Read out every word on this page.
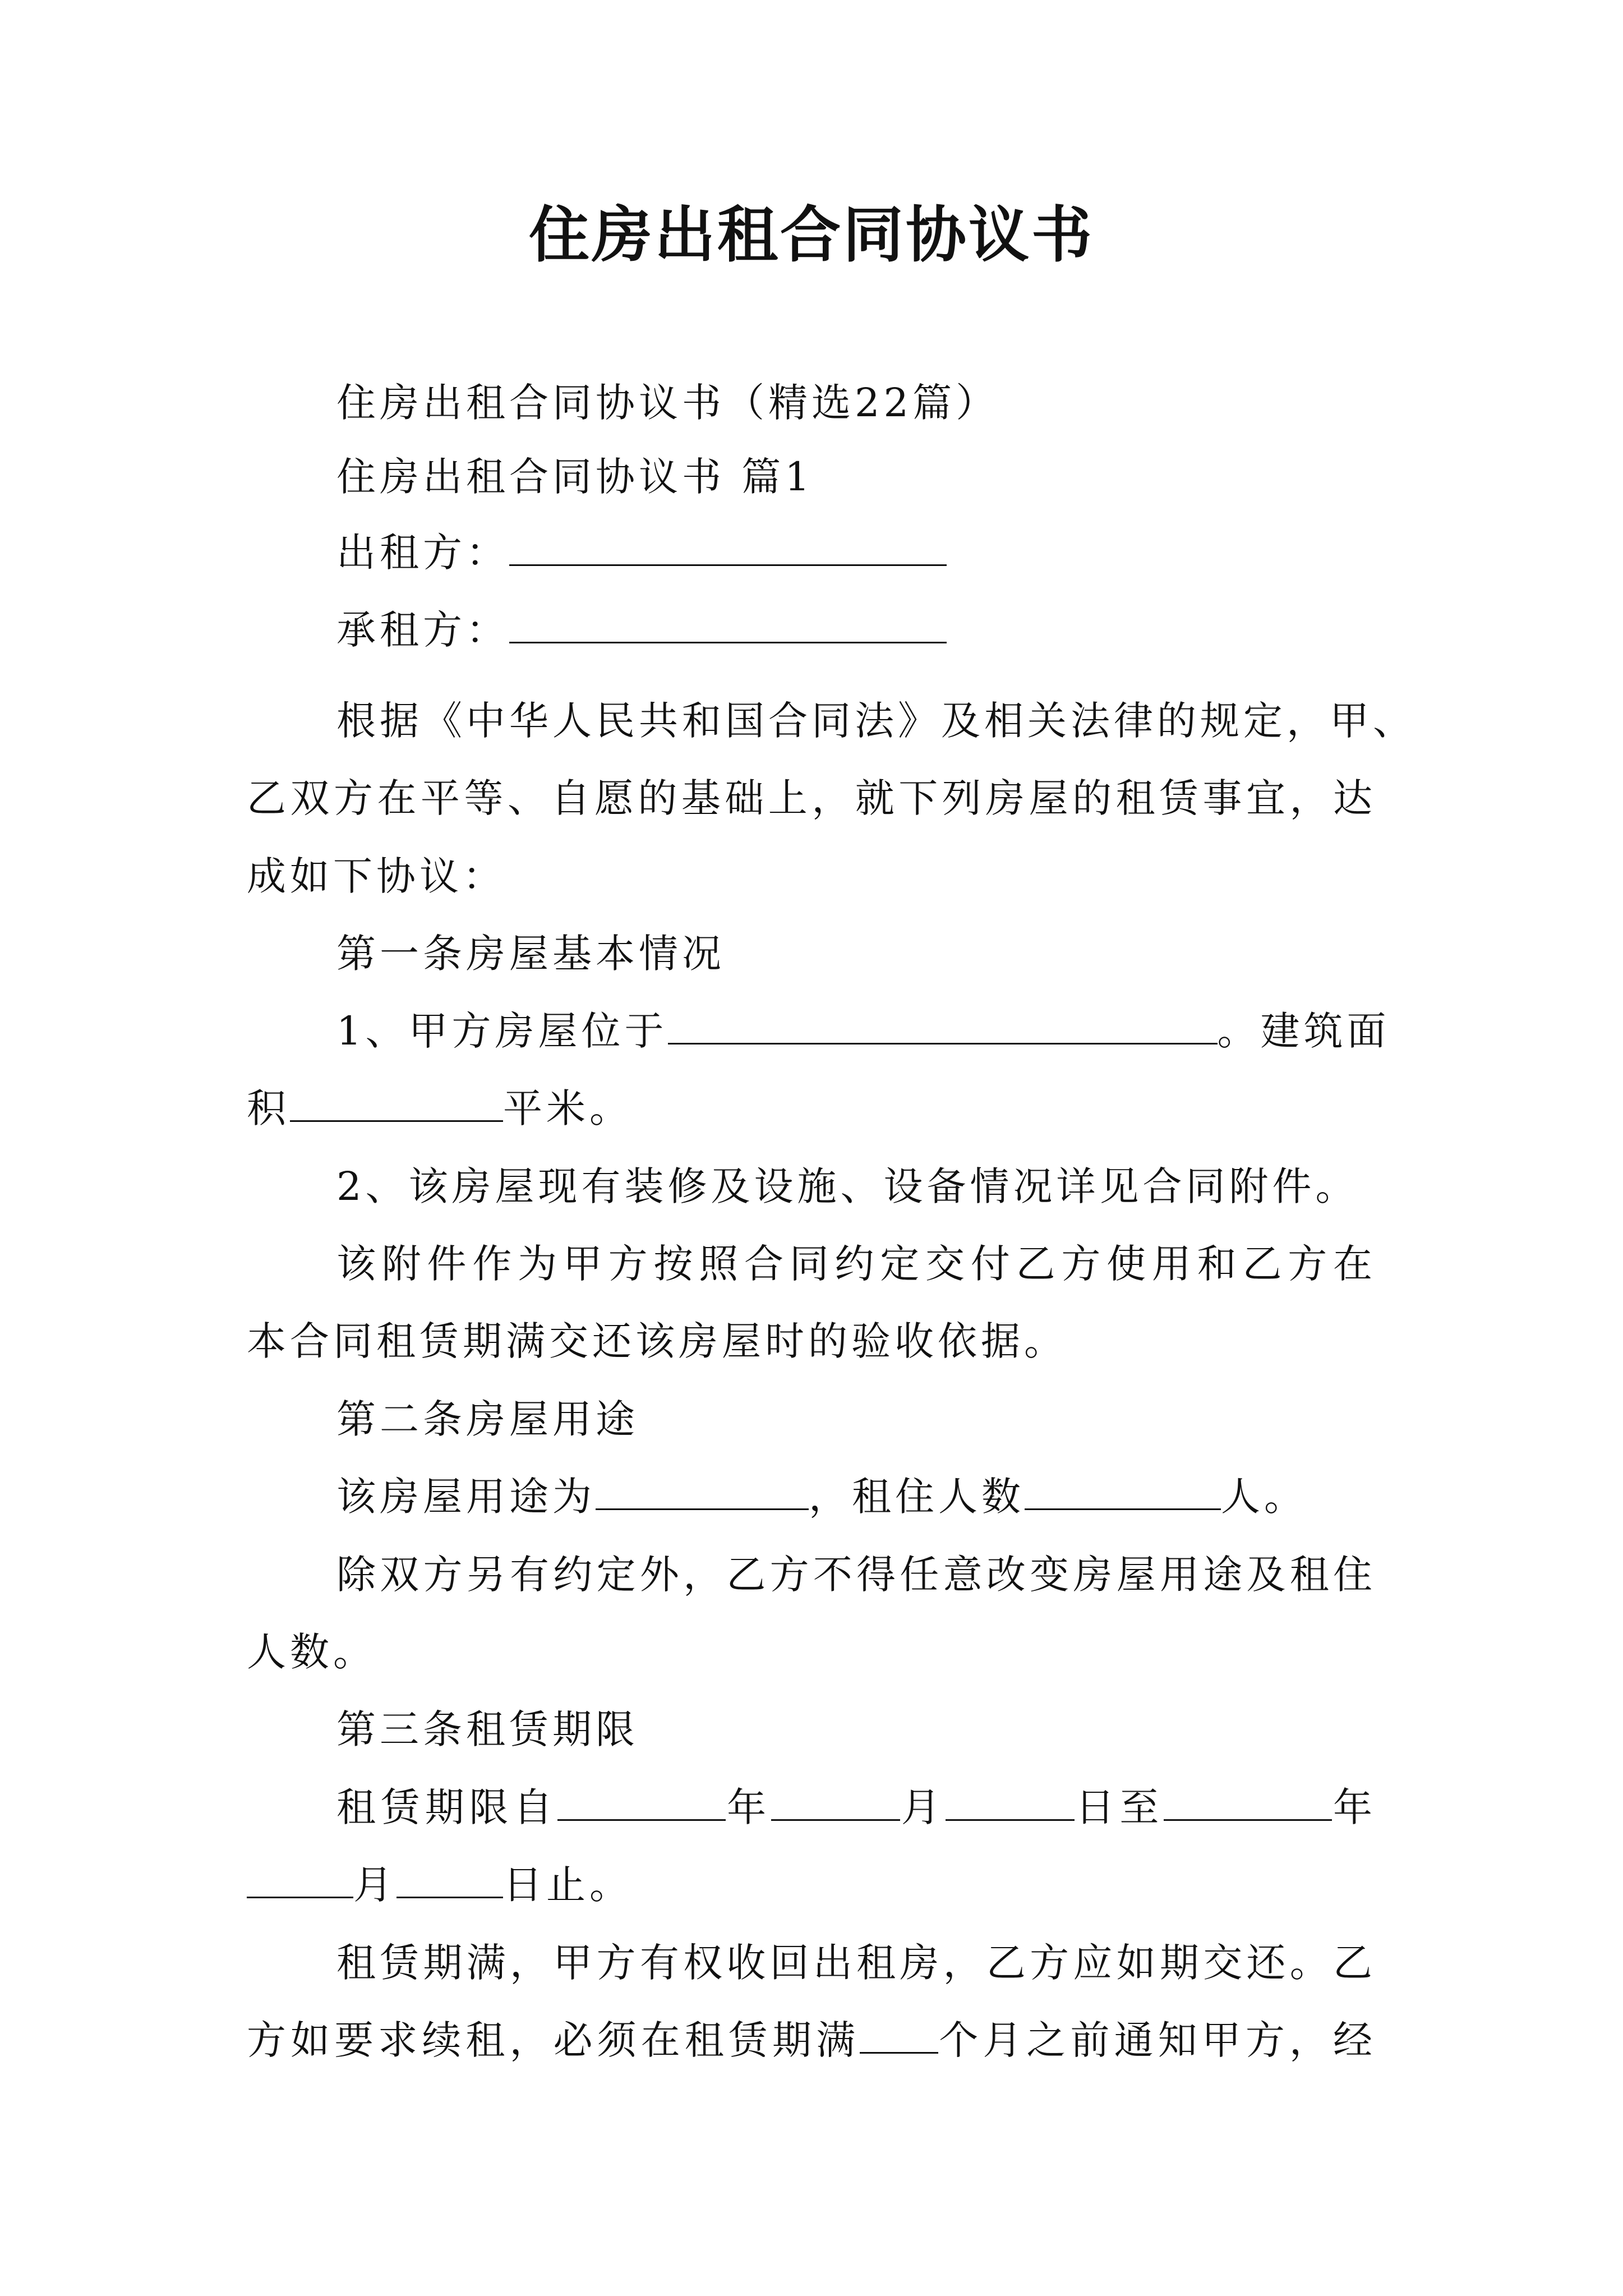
住房出租合同协议书
住房出租合同协议书（精选22篇）
住房出租合同协议书 篇1
出租方：
承租方：
根据《中华人民共和国合同法》及相关法律的规定，甲、
乙双方在平等、自愿的基础上，就下列房屋的租赁事宜，达
成如下协议：
第一条房屋基本情况
1、甲方房屋位于	。建筑面
积	平米。
2、该房屋现有装修及设施、设备情况详见合同附件。
该附件作为甲方按照合同约定交付乙方使用和乙方在
本合同租赁期满交还该房屋时的验收依据。
第二条房屋用途
该房屋用途为	，租住人数	人。
除双方另有约定外，乙方不得任意改变房屋用途及租住
人数。
第三条租赁期限
租赁期限自	年	月	日至	年
月	日止。
租赁期满，甲方有权收回出租房，乙方应如期交还。乙
方如要求续租，必须在租赁期满 个月之前通知甲方，经
